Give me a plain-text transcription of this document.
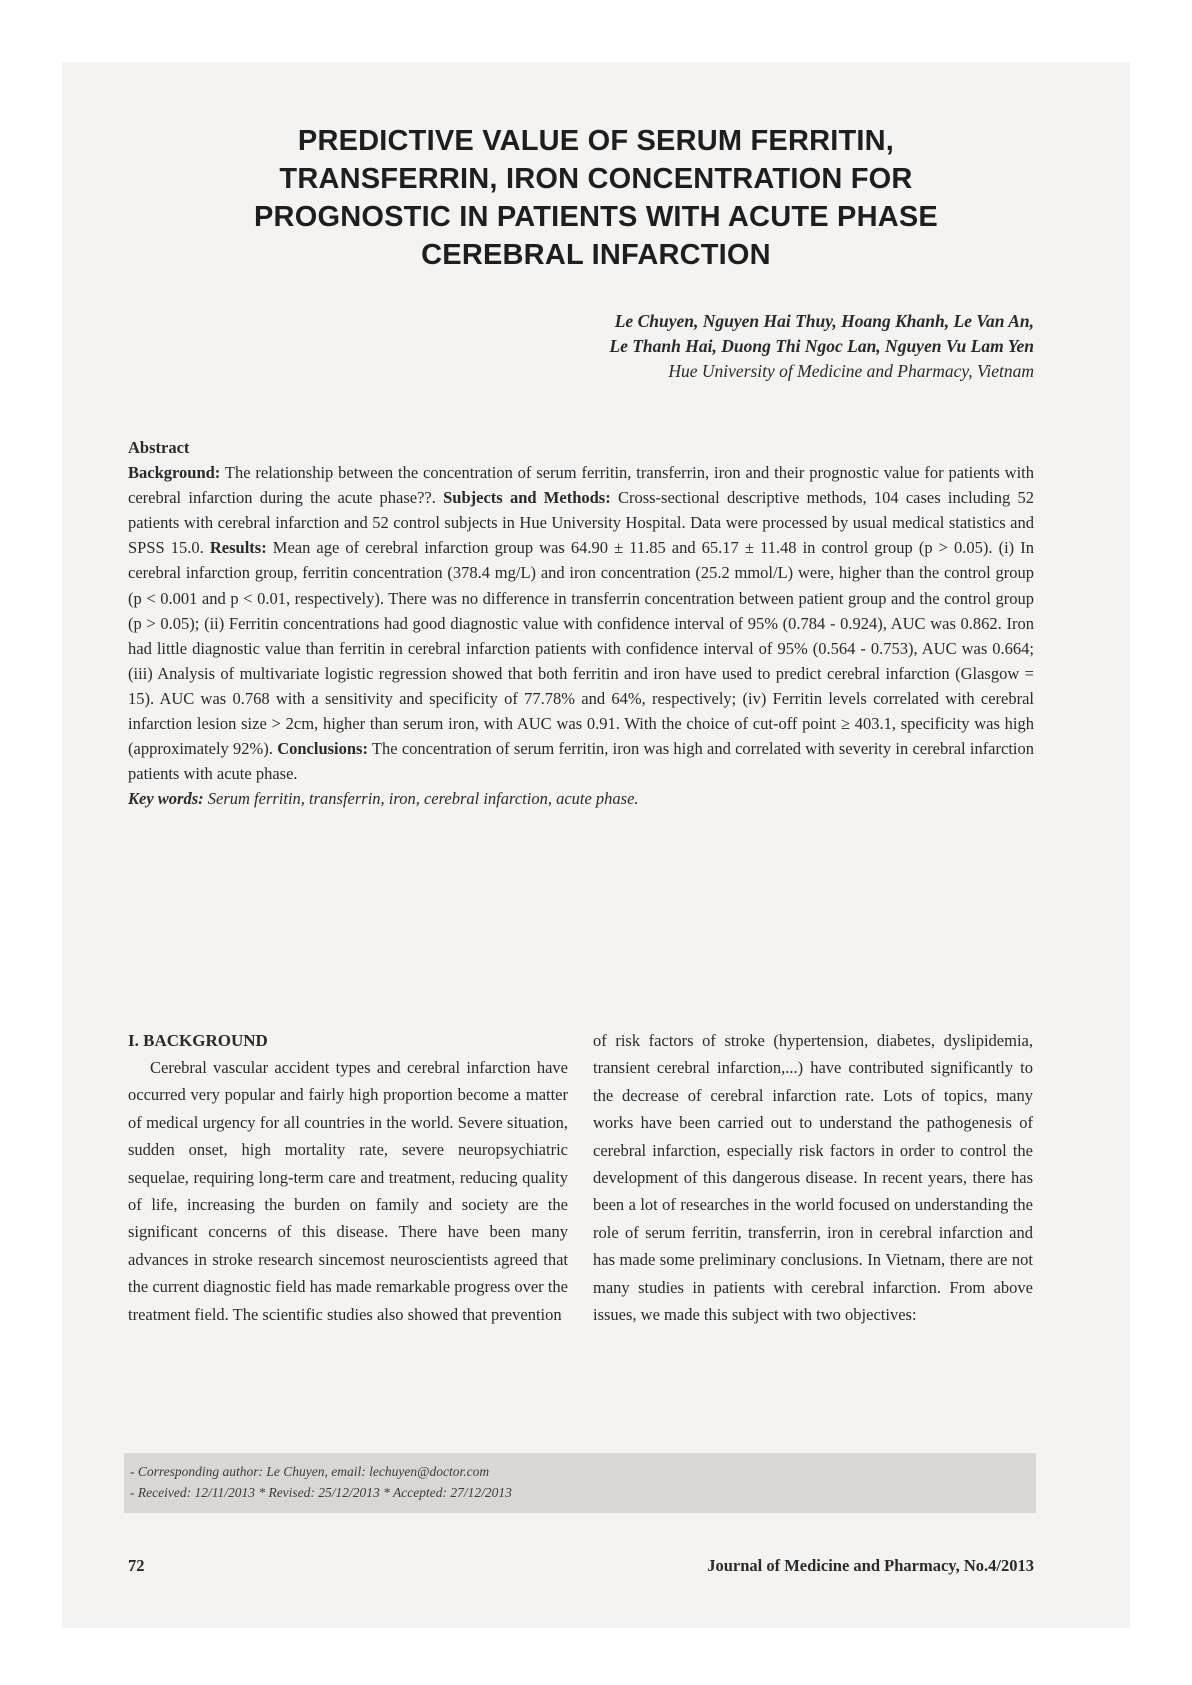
PREDICTIVE VALUE OF SERUM FERRITIN,
TRANSFERRIN, IRON CONCENTRATION FOR
PROGNOSTIC IN PATIENTS WITH ACUTE PHASE
CEREBRAL INFARCTION
Le Chuyen, Nguyen Hai Thuy, Hoang Khanh, Le Van An,
Le Thanh Hai, Duong Thi Ngoc Lan, Nguyen Vu Lam Yen
Hue University of Medicine and Pharmacy, Vietnam
Abstract
Background: The relationship between the concentration of serum ferritin, transferrin, iron and their prognostic value for patients with cerebral infarction during the acute phase??. Subjects and Methods: Cross-sectional descriptive methods, 104 cases including 52 patients with cerebral infarction and 52 control subjects in Hue University Hospital. Data were processed by usual medical statistics and SPSS 15.0. Results: Mean age of cerebral infarction group was 64.90 ± 11.85 and 65.17 ± 11.48 in control group (p > 0.05). (i) In cerebral infarction group, ferritin concentration (378.4 mg/L) and iron concentration (25.2 mmol/L) were, higher than the control group (p < 0.001 and p < 0.01, respectively). There was no difference in transferrin concentration between patient group and the control group (p > 0.05); (ii) Ferritin concentrations had good diagnostic value with confidence interval of 95% (0.784 - 0.924), AUC was 0.862. Iron had little diagnostic value than ferritin in cerebral infarction patients with confidence interval of 95% (0.564 - 0.753), AUC was 0.664; (iii) Analysis of multivariate logistic regression showed that both ferritin and iron have used to predict cerebral infarction (Glasgow = 15). AUC was 0.768 with a sensitivity and specificity of 77.78% and 64%, respectively; (iv) Ferritin levels correlated with cerebral infarction lesion size > 2cm, higher than serum iron, with AUC was 0.91. With the choice of cut-off point ≥ 403.1, specificity was high (approximately 92%). Conclusions: The concentration of serum ferritin, iron was high and correlated with severity in cerebral infarction patients with acute phase.
Key words: Serum ferritin, transferrin, iron, cerebral infarction, acute phase.
I. BACKGROUND

Cerebral vascular accident types and cerebral infarction have occurred very popular and fairly high proportion become a matter of medical urgency for all countries in the world. Severe situation, sudden onset, high mortality rate, severe neuropsychiatric sequelae, requiring long-term care and treatment, reducing quality of life, increasing the burden on family and society are the significant concerns of this disease. There have been many advances in stroke research sincemost neuroscientists agreed that the current diagnostic field has made remarkable progress over the treatment field. The scientific studies also showed that prevention

of risk factors of stroke (hypertension, diabetes, dyslipidemia, transient cerebral infarction,...) have contributed significantly to the decrease of cerebral infarction rate. Lots of topics, many works have been carried out to understand the pathogenesis of cerebral infarction, especially risk factors in order to control the development of this dangerous disease. In recent years, there has been a lot of researches in the world focused on understanding the role of serum ferritin, transferrin, iron in cerebral infarction and has made some preliminary conclusions. In Vietnam, there are not many studies in patients with cerebral infarction. From above issues, we made this subject with two objectives:

- Corresponding author: Le Chuyen, email: lechuyen@doctor.com
- Received: 12/11/2013 * Revised: 25/12/2013 * Accepted: 27/12/2013
72	Journal of Medicine and Pharmacy, No.4/2013
